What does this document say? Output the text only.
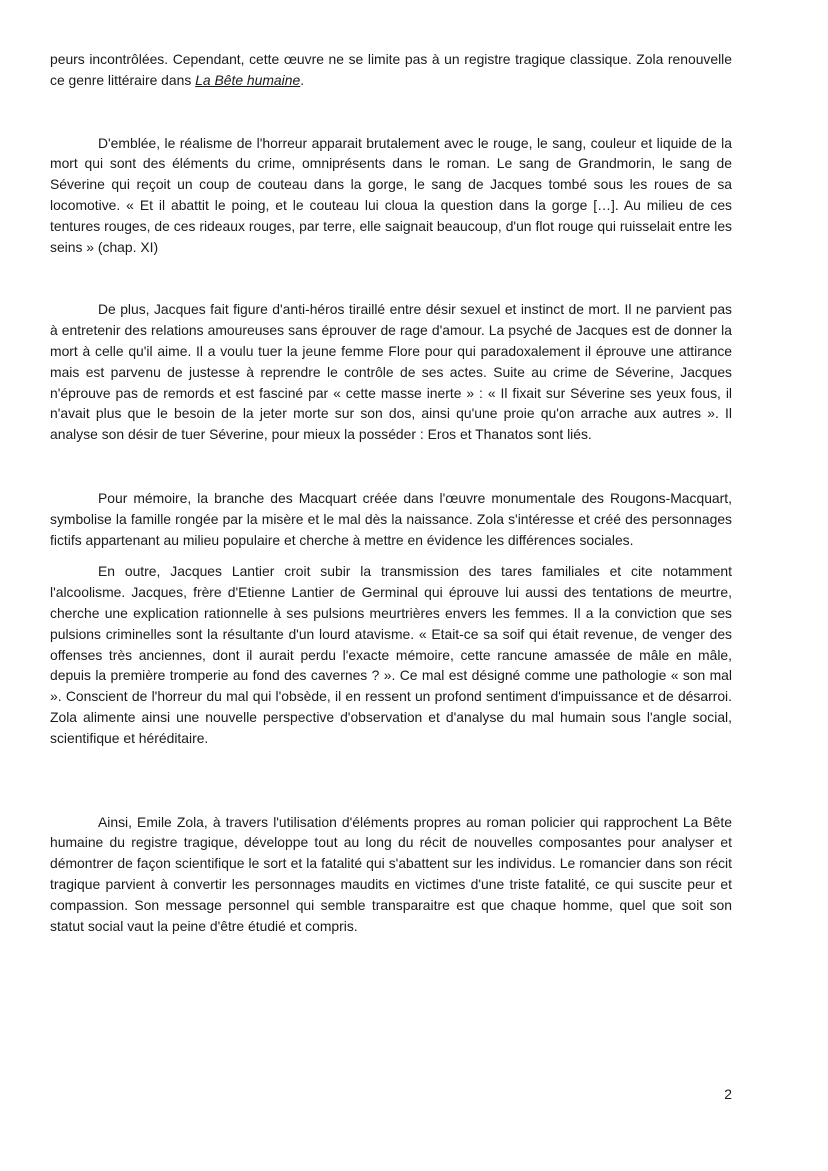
peurs incontrôlées. Cependant, cette œuvre ne se limite pas à un registre tragique classique. Zola renouvelle ce genre littéraire dans La Bête humaine.

D'emblée, le réalisme de l'horreur apparait brutalement avec le rouge, le sang, couleur et liquide de la mort qui sont des éléments du crime, omniprésents dans le roman. Le sang de Grandmorin, le sang de Séverine qui reçoit un coup de couteau dans la gorge, le sang de Jacques tombé sous les roues de sa locomotive. « Et il abattit le poing, et le couteau lui cloua la question dans la gorge […]. Au milieu de ces tentures rouges, de ces rideaux rouges, par terre, elle saignait beaucoup, d'un flot rouge qui ruisselait entre les seins » (chap. XI)

De plus, Jacques fait figure d'anti-héros tiraillé entre désir sexuel et instinct de mort. Il ne parvient pas à entretenir des relations amoureuses sans éprouver de rage d'amour. La psyché de Jacques est de donner la mort à celle qu'il aime. Il a voulu tuer la jeune femme Flore pour qui paradoxalement il éprouve une attirance mais est parvenu de justesse à reprendre le contrôle de ses actes. Suite au crime de Séverine, Jacques n'éprouve pas de remords et est fasciné par « cette masse inerte » : « Il fixait sur Séverine ses yeux fous, il n'avait plus que le besoin de la jeter morte sur son dos, ainsi qu'une proie qu'on arrache aux autres ». Il analyse son désir de tuer Séverine, pour mieux la posséder : Eros et Thanatos sont liés.

Pour mémoire, la branche des Macquart créée dans l'œuvre monumentale des Rougons-Macquart, symbolise la famille rongée par la misère et le mal dès la naissance. Zola s'intéresse et créé des personnages fictifs appartenant au milieu populaire et cherche à mettre en évidence les différences sociales.

En outre, Jacques Lantier croit subir la transmission des tares familiales et cite notamment l'alcoolisme. Jacques, frère d'Etienne Lantier de Germinal qui éprouve lui aussi des tentations de meurtre, cherche une explication rationnelle à ses pulsions meurtrières envers les femmes. Il a la conviction que ses pulsions criminelles sont la résultante d'un lourd atavisme. « Etait-ce sa soif qui était revenue, de venger des offenses très anciennes, dont il aurait perdu l'exacte mémoire, cette rancune amassée de mâle en mâle, depuis la première tromperie au fond des cavernes ? ». Ce mal est désigné comme une pathologie « son mal ». Conscient de l'horreur du mal qui l'obsède, il en ressent un profond sentiment d'impuissance et de désarroi. Zola alimente ainsi une nouvelle perspective d'observation et d'analyse du mal humain sous l'angle social, scientifique et héréditaire.

Ainsi, Emile Zola, à travers l'utilisation d'éléments propres au roman policier qui rapprochent La Bête humaine du registre tragique, développe tout au long du récit de nouvelles composantes pour analyser et démontrer de façon scientifique le sort et la fatalité qui s'abattent sur les individus. Le romancier dans son récit tragique parvient à convertir les personnages maudits en victimes d'une triste fatalité, ce qui suscite peur et compassion. Son message personnel qui semble transparaitre est que chaque homme, quel que soit son statut social vaut la peine d'être étudié et compris.

2
